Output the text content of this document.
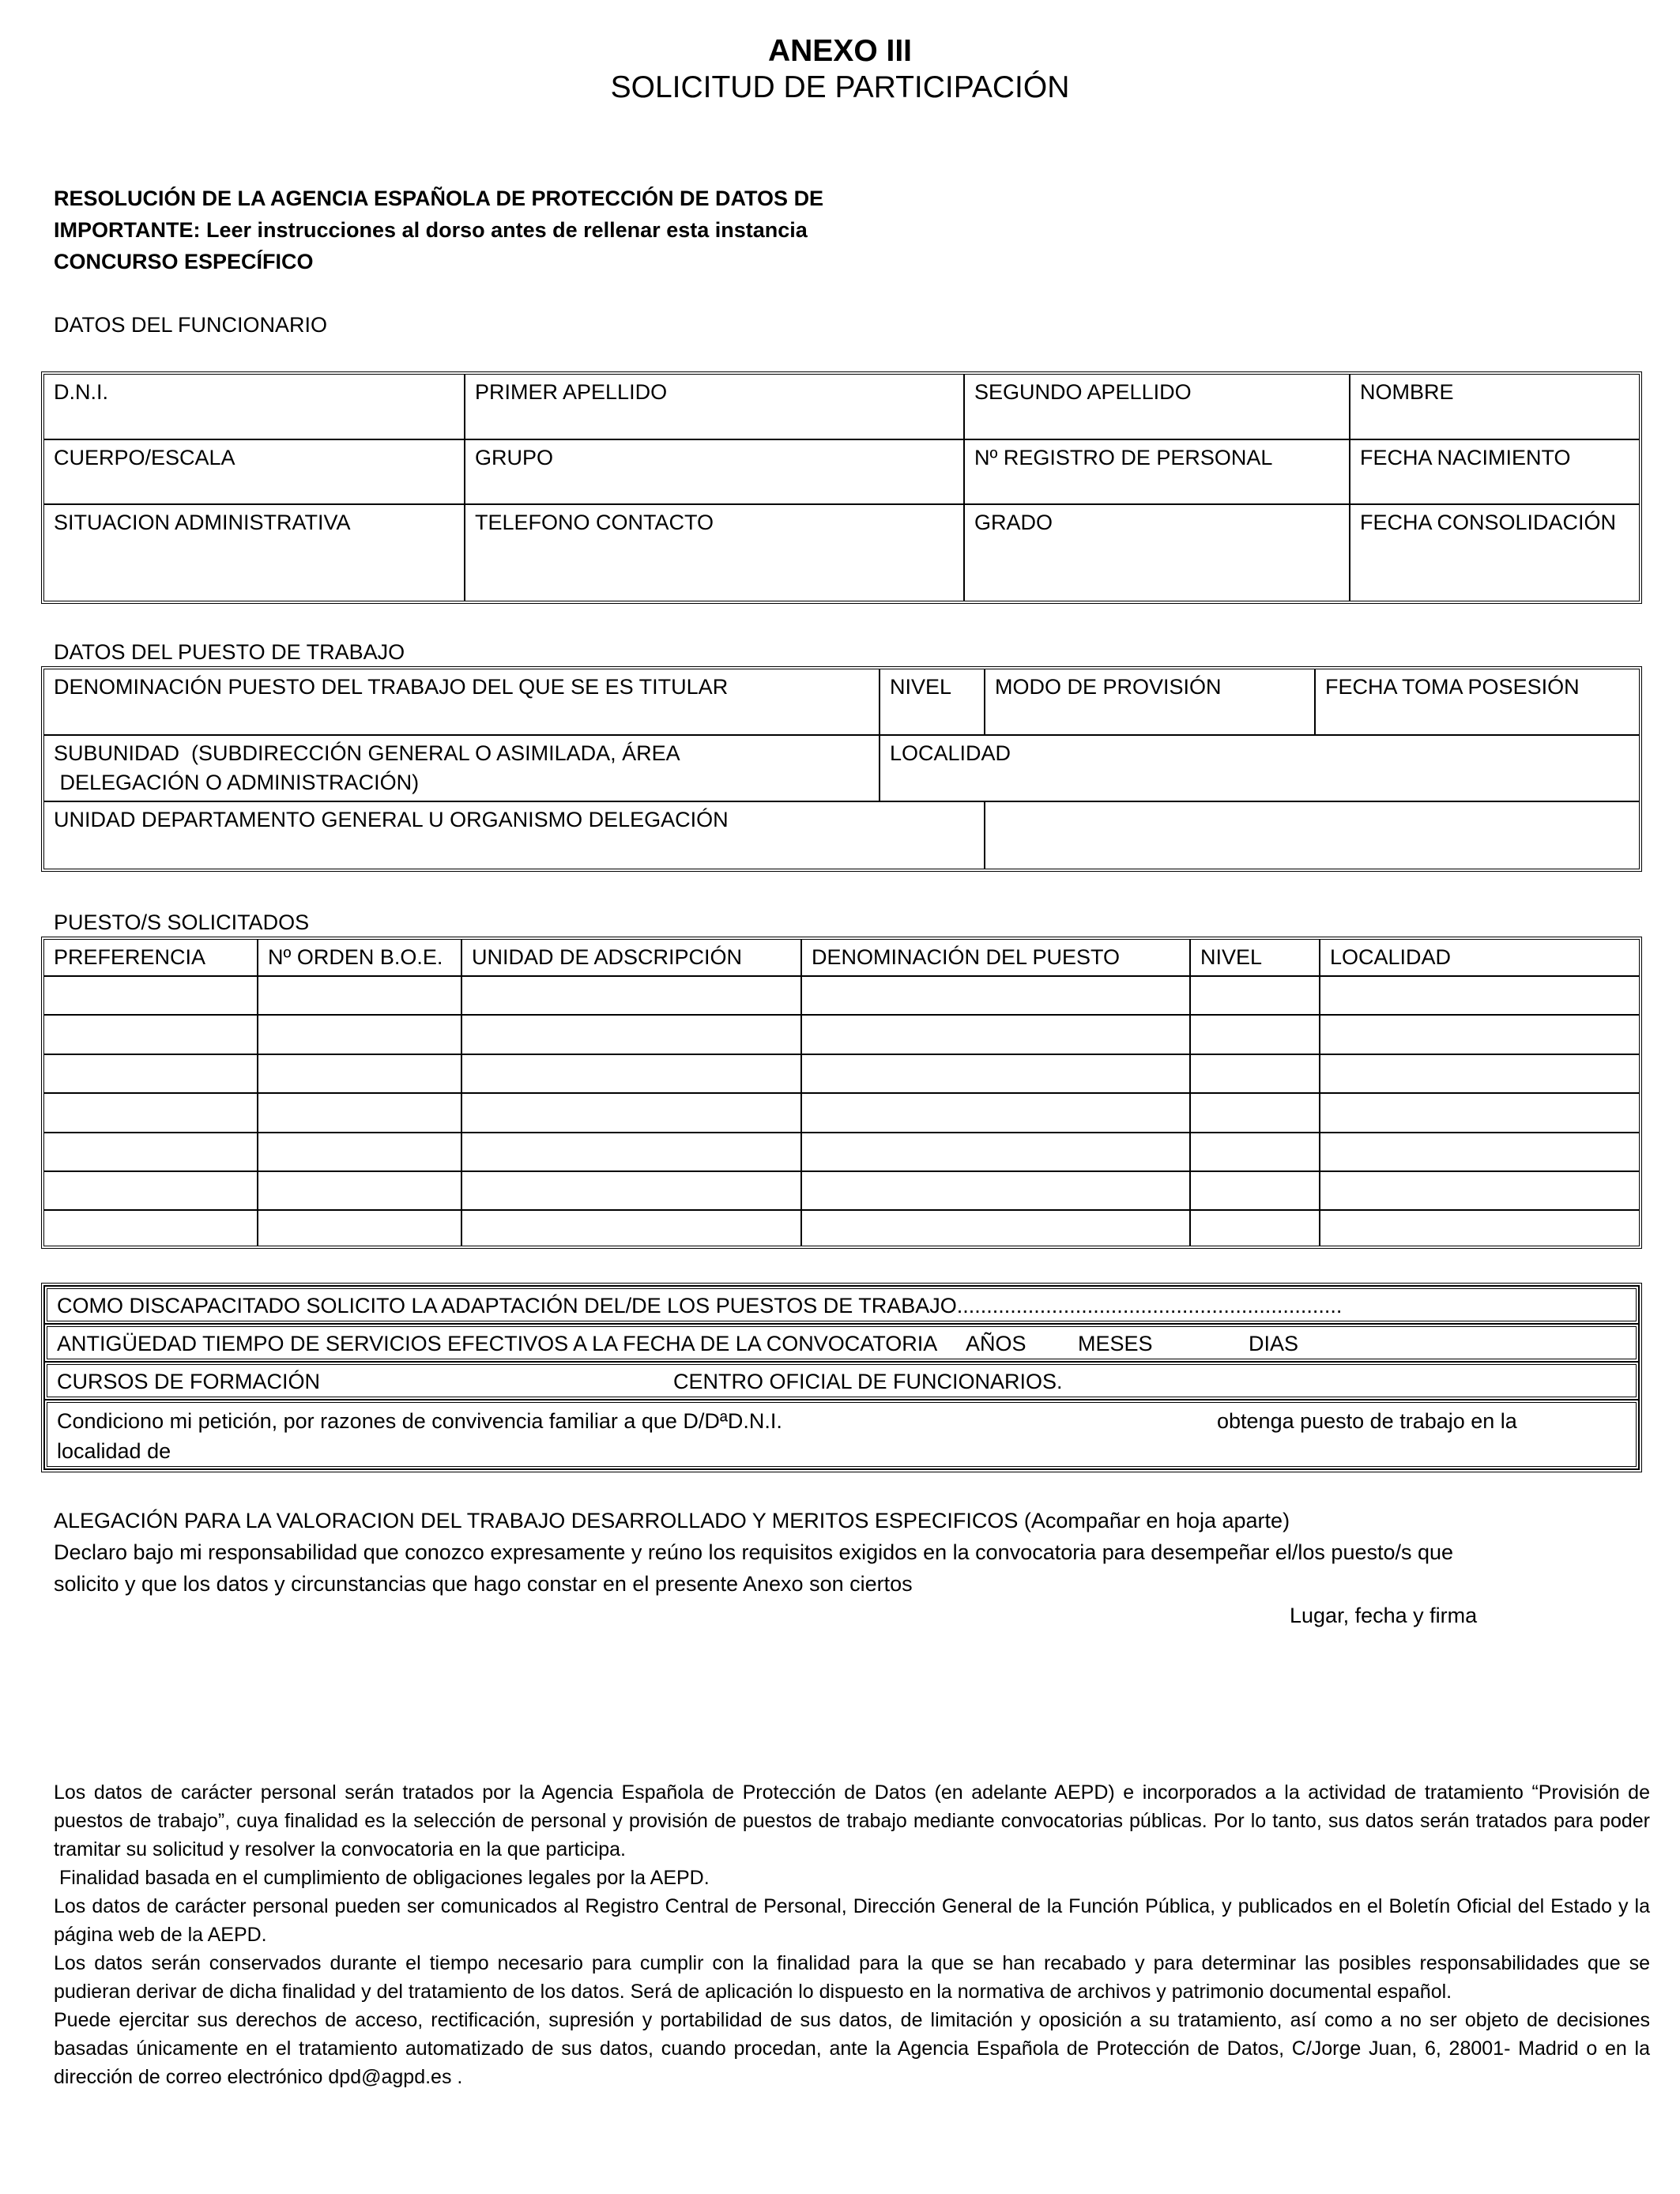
ANEXO III
SOLICITUD DE PARTICIPACIÓN
RESOLUCIÓN DE LA AGENCIA ESPAÑOLA DE PROTECCIÓN DE DATOS DE
IMPORTANTE: Leer instrucciones al dorso antes de rellenar esta instancia
CONCURSO ESPECÍFICO
DATOS DEL FUNCIONARIO
D.N.I.	PRIMER APELLIDO	SEGUNDO APELLIDO	NOMBRE
CUERPO/ESCALA	GRUPO	Nº REGISTRO DE PERSONAL	FECHA NACIMIENTO
SITUACION ADMINISTRATIVA	TELEFONO CONTACTO	GRADO	FECHA CONSOLIDACIÓN
DATOS DEL PUESTO DE TRABAJO
DENOMINACIÓN PUESTO DEL TRABAJO DEL QUE SE ES TITULAR	NIVEL	MODO DE PROVISIÓN	FECHA TOMA POSESIÓN

SUBUNIDAD  (SUBDIRECCIÓN GENERAL O ASIMILADA, ÁREA
DELEGACIÓN O ADMINISTRACIÓN)	LOCALIDAD		
UNIDAD DEPARTAMENTO GENERAL U ORGANISMO DELEGACIÓN			
PUESTO/S SOLICITADOS
PREFERENCIA	Nº ORDEN B.O.E.	UNIDAD DE ADSCRIPCIÓN	DENOMINACIÓN DEL PUESTO	NIVEL	LOCALIDAD

COMO DISCAPACITADO SOLICITO LA ADAPTACIÓN DEL/DE LOS PUESTOS DE TRABAJO.................................................................
ANTIGÜEDAD TIEMPO DE SERVICIOS EFECTIVOS A LA FECHA DE LA CONVOCATORIA AÑOS MESES	DIAS
CURSOS DE FORMACIÓN	CENTRO OFICIAL DE FUNCIONARIOS.
Condiciono mi petición, por razones de convivencia familiar a que D/DªD.N.I.	obtenga puesto de trabajo en la
localidad de
ALEGACIÓN PARA LA VALORACION DEL TRABAJO DESARROLLADO Y MERITOS ESPECIFICOS (Acompañar en hoja aparte)
Declaro bajo mi responsabilidad que conozco expresamente y reúno los requisitos exigidos en la convocatoria para desempeñar el/los puesto/s que
solicito y que los datos y circunstancias que hago constar en el presente Anexo son ciertos
Lugar, fecha y firma
Los datos de carácter personal serán tratados por la Agencia Española de Protección de Datos (en adelante AEPD) e incorporados a la actividad de tratamiento “Provisión de puestos de trabajo”, cuya finalidad es la selección de personal y provisión de puestos de trabajo mediante convocatorias públicas. Por lo tanto, sus datos serán tratados para poder tramitar su solicitud y resolver la convocatoria en la que participa.
Finalidad basada en el cumplimiento de obligaciones legales por la AEPD.
Los datos de carácter personal pueden ser comunicados al Registro Central de Personal, Dirección General de la Función Pública, y publicados en el Boletín Oficial del Estado y la página web de la AEPD.
Los datos serán conservados durante el tiempo necesario para cumplir con la finalidad para la que se han recabado y para determinar las posibles responsabilidades que se pudieran derivar de dicha finalidad y del tratamiento de los datos. Será de aplicación lo dispuesto en la normativa de archivos y patrimonio documental español.
Puede ejercitar sus derechos de acceso, rectificación, supresión y portabilidad de sus datos, de limitación y oposición a su tratamiento, así como a no ser objeto de decisiones basadas únicamente en el tratamiento automatizado de sus datos, cuando procedan, ante la Agencia Española de Protección de Datos, C/Jorge Juan, 6, 28001- Madrid o en la dirección de correo electrónico dpd@agpd.es .
